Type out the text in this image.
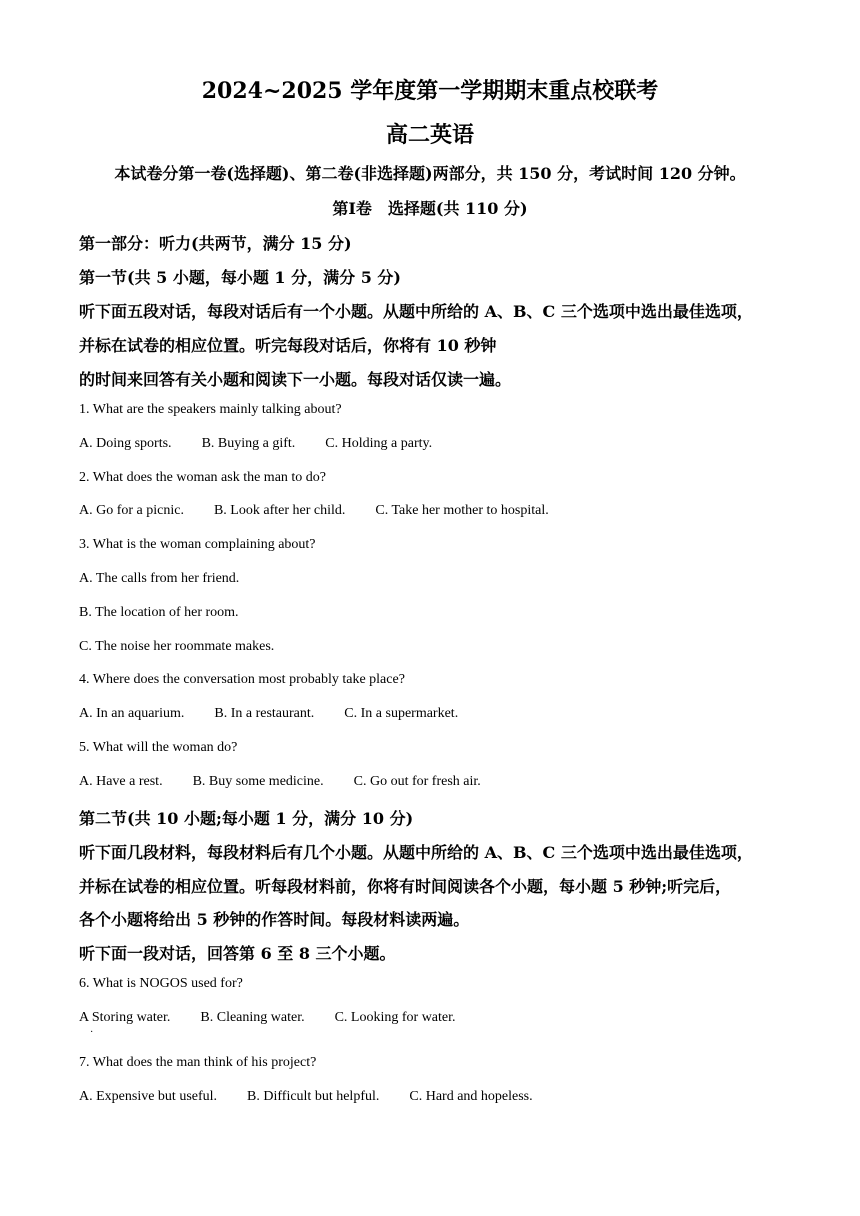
2024~2025 学年度第一学期期末重点校联考
高二英语
本试卷分第一卷(选择题)、第二卷(非选择题)两部分，共 150 分，考试时间 120 分钟。
第Ⅰ卷　选择题(共 110 分)
第一部分：听力(共两节，满分 15 分)
第一节(共 5 小题，每小题 1 分，满分 5 分)
听下面五段对话，每段对话后有一个小题。从题中所给的 A、B、C 三个选项中选出最佳选项，
并标在试卷的相应位置。听完每段对话后，你将有 10 秒钟
的时间来回答有关小题和阅读下一小题。每段对话仅读一遍。
1. What are the speakers mainly talking about?
A. Doing sports. B. Buying a gift. C. Holding a party.
2. What does the woman ask the man to do?
A. Go for a picnic. B. Look after her child. C. Take her mother to hospital.
3. What is the woman complaining about?
A. The calls from her friend.
B. The location of her room.
C. The noise her roommate makes.
4. Where does the conversation most probably take place?
A. In an aquarium. B. In a restaurant. C. In a supermarket.
5. What will the woman do?
A. Have a rest. B. Buy some medicine. C. Go out for fresh air.
第二节(共 10 小题;每小题 1 分，满分 10 分)
听下面几段材料，每段材料后有几个小题。从题中所给的 A、B、C 三个选项中选出最佳选项，
并标在试卷的相应位置。听每段材料前，你将有时间阅读各个小题，每小题 5 秒钟;听完后，
各个小题将给出 5 秒钟的作答时间。每段材料读两遍。
听下面一段对话，回答第 6 至 8 三个小题。
6. What is NOGOS used for?
A Storing water. B. Cleaning water. C. Looking for water.
·
7. What does the man think of his project?
A. Expensive but useful. B. Difficult but helpful. C. Hard and hopeless.
